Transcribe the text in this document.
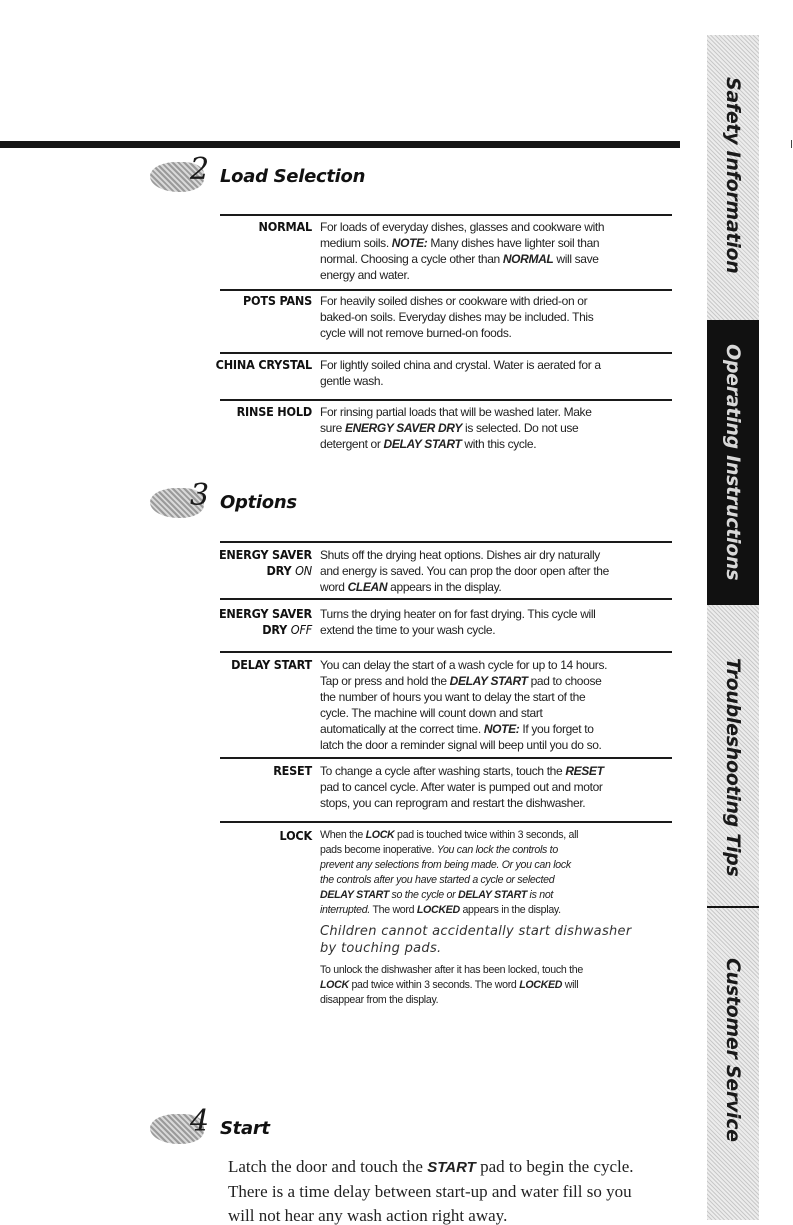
2 Load Selection
NORMAL For loads of everyday dishes, glasses and cookware with
medium soils. NOTE: Many dishes have lighter soil than
normal. Choosing a cycle other than NORMAL will save
energy and water.
POTS PANS For heavily soiled dishes or cookware with dried-on or
baked-on soils. Everyday dishes may be included. This
cycle will not remove burned-on foods.
CHINA CRYSTAL For lightly soiled china and crystal. Water is aerated for a
gentle wash.
RINSE HOLD For rinsing partial loads that will be washed later. Make
sure ENERGY SAVER DRY is selected. Do not use
detergent or DELAY START with this cycle.
3 Options
ENERGY SAVER
DRY ON
Shuts off the drying heat options. Dishes air dry naturally
and energy is saved. You can prop the door open after the
word CLEAN appears in the display.
ENERGY SAVER
DRY OFF
Turns the drying heater on for fast drying. This cycle will
extend the time to your wash cycle.
DELAY START You can delay the start of a wash cycle for up to 14 hours.
Tap or press and hold the DELAY START pad to choose
the number of hours you want to delay the start of the
cycle. The machine will count down and start
automatically at the correct time. NOTE: If you forget to
latch the door a reminder signal will beep until you do so.
RESET To change a cycle after washing starts, touch the RESET
pad to cancel cycle. After water is pumped out and motor
stops, you can reprogram and restart the dishwasher.
LOCK When the LOCK pad is touched twice within 3 seconds, all
pads become inoperative. You can lock the controls to
prevent any selections from being made. Or you can lock
the controls after you have started a cycle or selected
DELAY START so the cycle or DELAY START is not
interrupted. The word LOCKED appears in the display.
Children cannot accidentally start dishwasher
by touching pads.
To unlock the dishwasher after it has been locked, touch the
LOCK pad twice within 3 seconds. The word LOCKED will
disappear from the display.
4 Start
Latch the door and touch the START pad to begin the cycle.
There is a time delay between start-up and water fill so you
will not hear any wash action right away.
Safety Information
Operating Instructions
Troubleshooting Tips
Customer Service
